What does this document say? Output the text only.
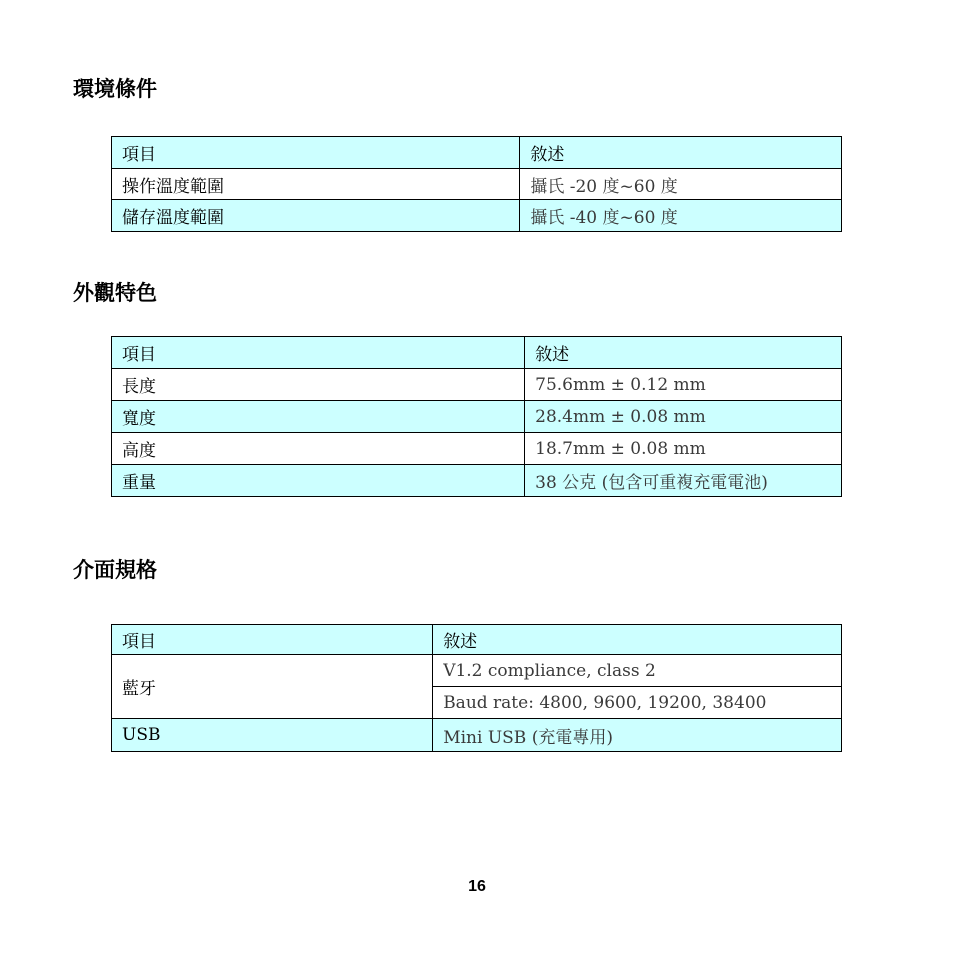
環境條件
項目	敘述
操作溫度範圍	攝氏 -20 度~60 度
儲存溫度範圍	攝氏 -40 度~60 度
外觀特色
項目	敘述
長度	75.6mm ± 0.12 mm
寬度	28.4mm ± 0.08 mm
高度	18.7mm ± 0.08 mm
重量	38 公克 (包含可重複充電電池)
介面規格
項目	敘述
藍牙	V1.2 compliance, class 2
	Baud rate: 4800, 9600, 19200, 38400
USB	Mini USB (充電專用)
16
